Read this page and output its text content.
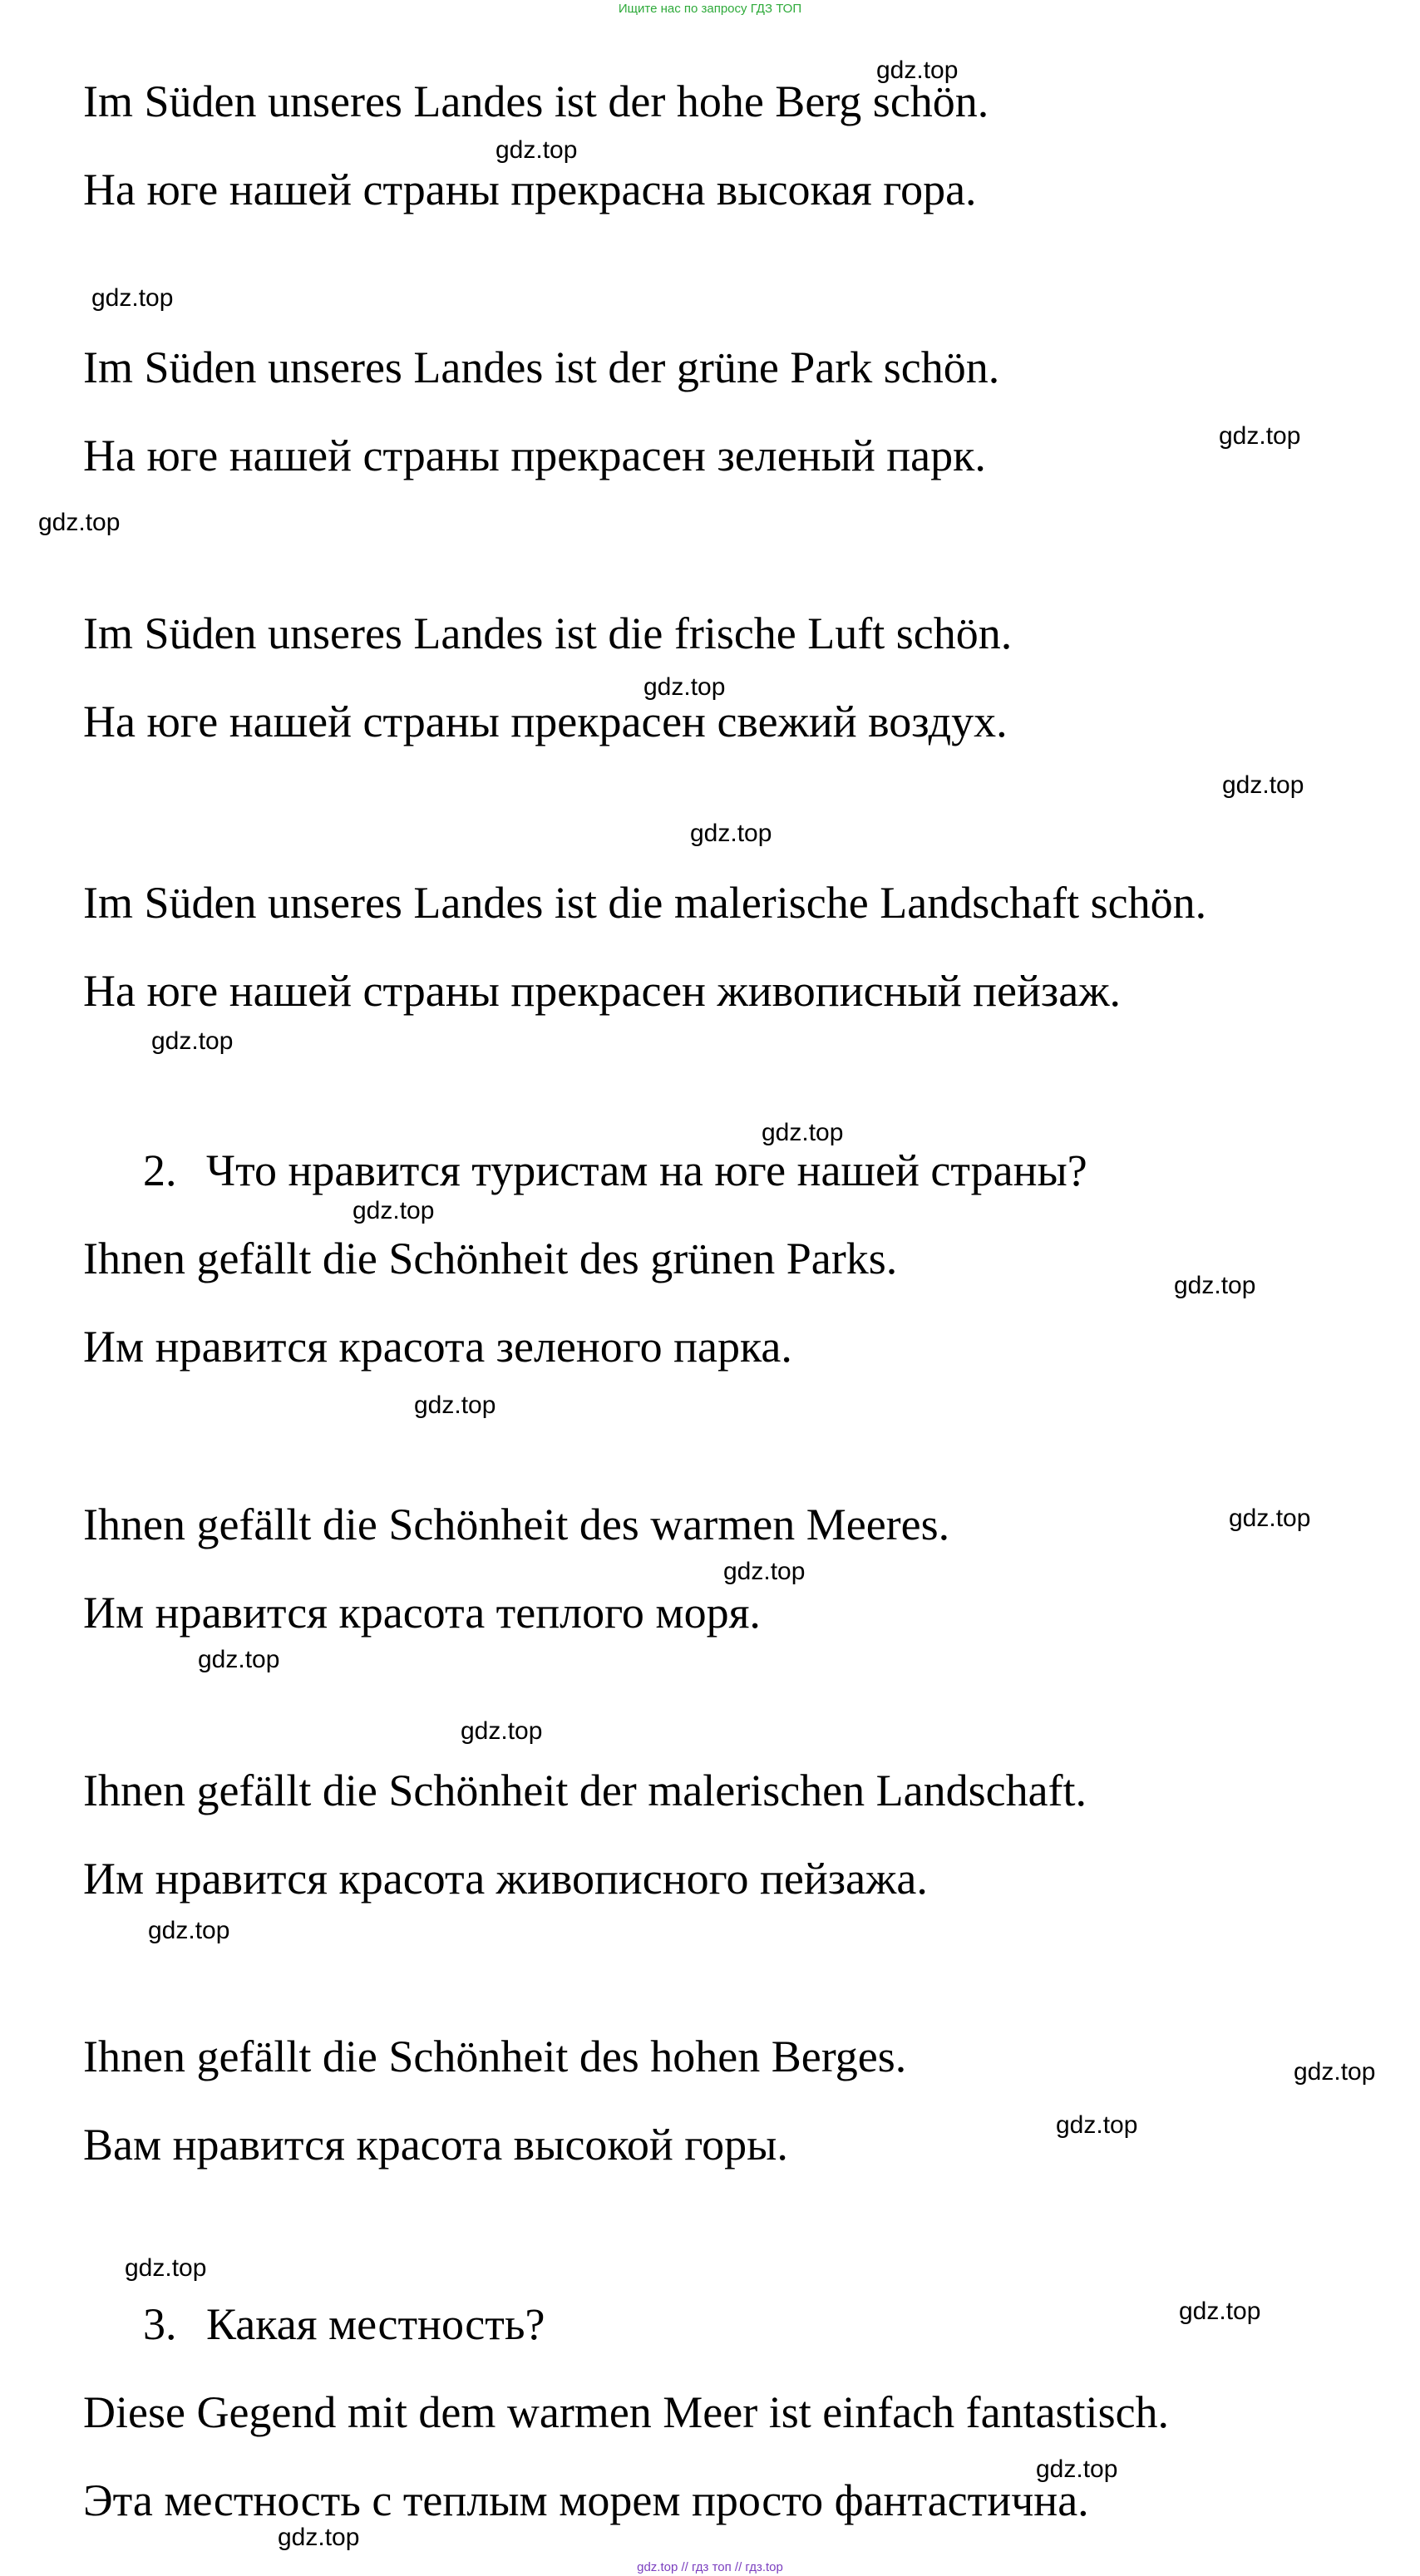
Ищите нас по запросу ГДЗ ТОП
Im Süden unseres Landes ist der hohe Berg schön.
На юге нашей страны прекрасна высокая гора.
Im Süden unseres Landes ist der grüne Park schön.
На юге нашей страны прекрасен зеленый парк.
Im Süden unseres Landes ist die frische Luft schön.
На юге нашей страны прекрасен свежий воздух.
Im Süden unseres Landes ist die malerische Landschaft schön.
На юге нашей страны прекрасен живописный пейзаж.
2. Что нравится туристам на юге нашей страны?
Ihnen gefällt die Schönheit des grünen Parks.
Им нравится красота зеленого парка.
Ihnen gefällt die Schönheit des warmen Meeres.
Им нравится красота теплого моря.
Ihnen gefällt die Schönheit der malerischen Landschaft.
Им нравится красота живописного пейзажа.
Ihnen gefällt die Schönheit des hohen Berges.
Вам нравится красота высокой горы.
3. Какая местность?
Diese Gegend mit dem warmen Meer ist einfach fantastisch.
Эта местность с теплым морем просто фантастична.
gdz.top
gdz.top
gdz.top
gdz.top
gdz.top
gdz.top
gdz.top
gdz.top
gdz.top
gdz.top
gdz.top
gdz.top
gdz.top
gdz.top
gdz.top
gdz.top
gdz.top
gdz.top
gdz.top
gdz.top
gdz.top
gdz.top
gdz.top
gdz.top
gdz.top // гдз топ // гдз.top
